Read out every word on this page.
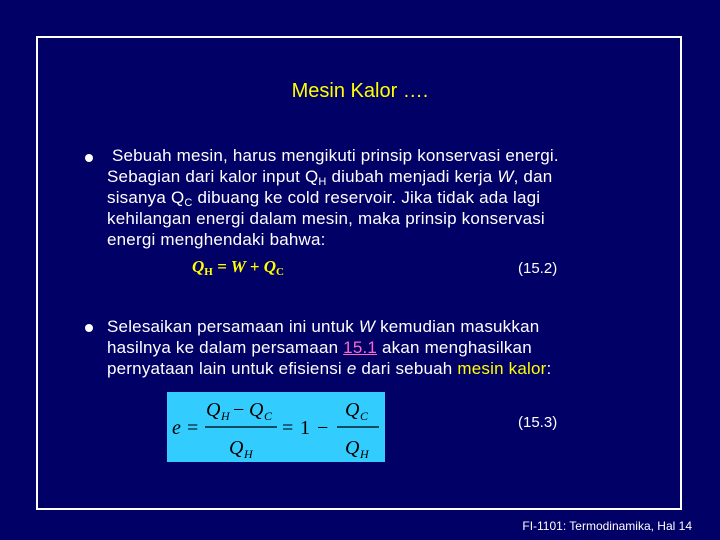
Mesin Kalor ….
Sebuah mesin, harus mengikuti prinsip konservasi energi.
Sebagian dari kalor input $Q_H$ diubah menjadi kerja W, dan
sisanya $Q_C$ dibuang ke cold reservoir. Jika tidak ada lagi
kehilangan energi dalam mesin, maka prinsip konservasi
energi menghendaki bahwa:
$Q_H = W + Q_C$	(15.2)
Selesaikan persamaan ini untuk W kemudian masukkan
hasilnya ke dalam persamaan 15.1 akan menghasilkan
pernyataan lain untuk efisiensi e dari sebuah mesin kalor:
e =
Q H − Q C
Q H
= 1 −
Q C
Q H
(15.3)
FI-1101: Termodinamika, Hal 14
